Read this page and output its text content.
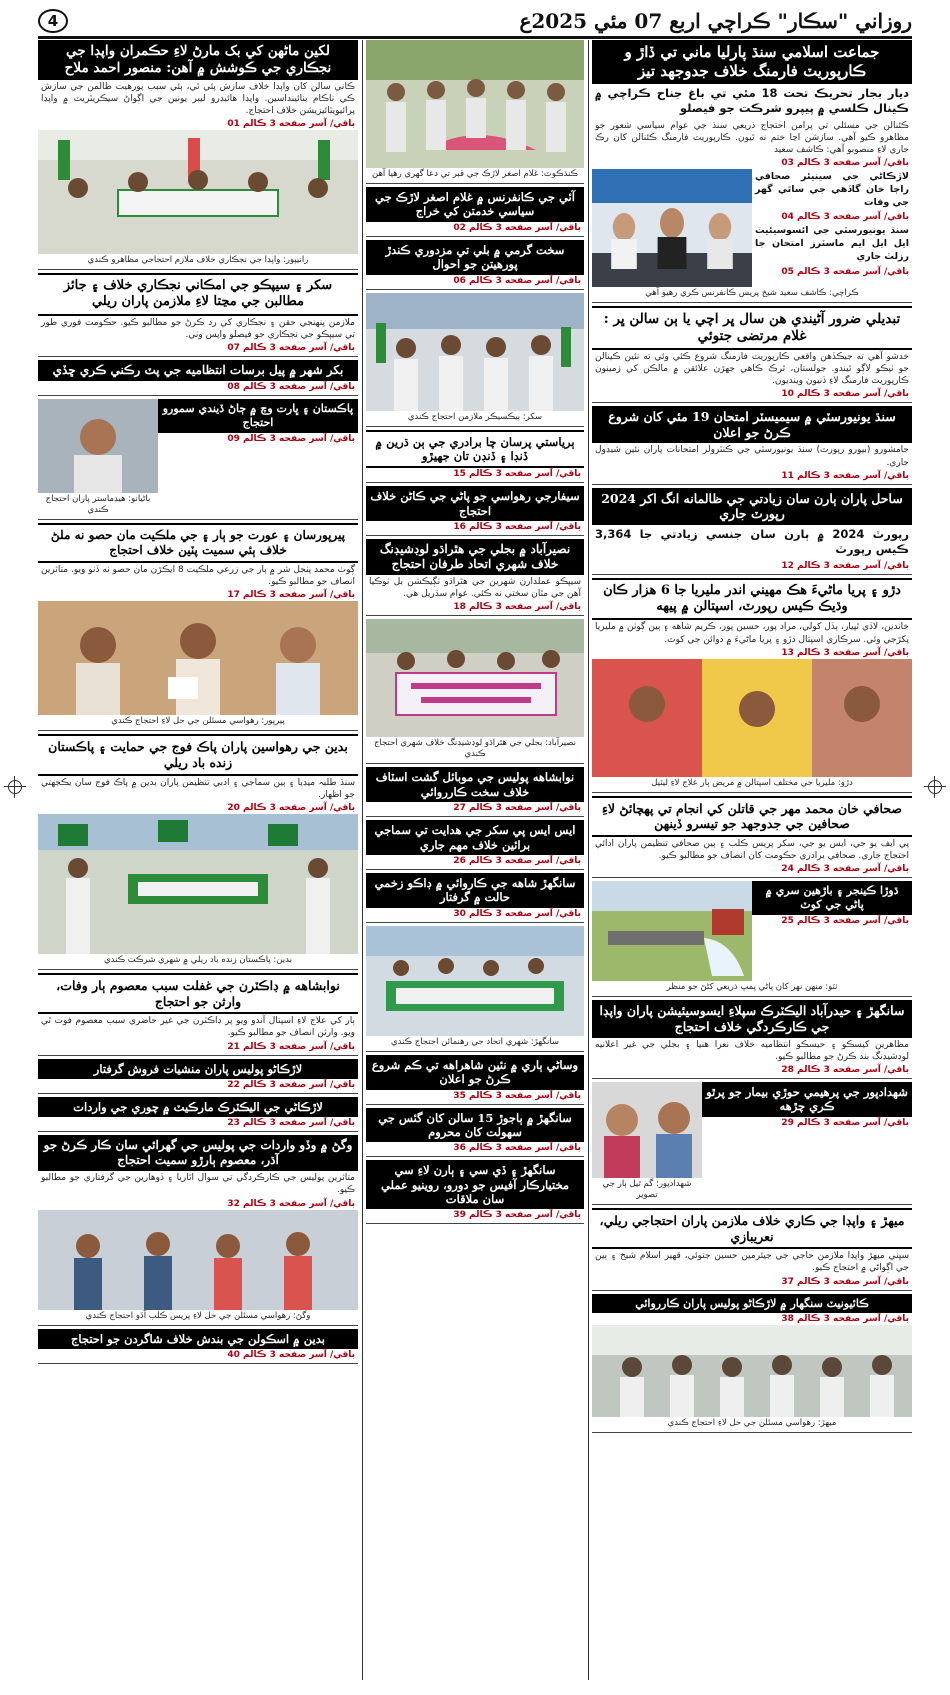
روزاني "سڪار" ڪراچي اربع 07 مئي 2025ع
4
جماعت اسلامي سنڌ پارليا ماني تي ڏاڙ و ڪارپوريٽ فارمنگ خلاف جدوجهد تيز
ديار بجار تحريڪ تحت 18 مئي تي باغ جناح ڪراچي ۾ ڪينال ڪلسي ۾ پيپرو شرڪت جو فيصلو
ڪئنالن جي مسئلي تي پرامن احتجاج ذريعي سنڌ جي عوام سياسي شعور جو مظاهرو ڪيو آهي. سازشن اڃا ختم نه ٿيون. ڪارپوريٽ فارمنگ ڪئنالن کان رڪ جاري لاءِ منصوبو آهي: ڪاشف سعيد
باقي/ آسر صفحه 3 ڪالم 03
لاڙڪاڻي جي سينيئر صحافي راڄا خان گاڏهي جي ساٿي گهر جي وفات
باقي/ آسر صفحه 3 ڪالم 04
سنڌ يونيورسٽي جي ائسوسيئيٽ ايل ايل ايم ماسٽرز امتحان جا رزلٽ جاري
باقي/ آسر صفحه 3 ڪالم 05
ڪراچي: ڪاشف سعيد شيخ پريس ڪانفرنس ڪري رهيو آهي
تبديلي ضرور آڻيندي هن سال ڀر اچي يا ٻن سالن ڀر : غلام مرتضى جتوئي
خدشو آهي ته جيڪڏهن واقعي ڪارپوريٽ فارمنگ شروع ڪئي وئي ته نئين ڪينالن جو ٺيڪو لاڳو ٿيندو. جولستان، ٿرڪ ڪاهي جهڙن علائقن ۾ مالڪن کي زمينون ڪارپوريٽ فارمنگ لاءِ ڏنيون وينديون.
باقي/ آسر صفحه 3 ڪالم 10
سنڌ يونيورسٽي ۾ سيميسٽر امتحان 19 مئي کان شروع ڪرڻ جو اعلان
جامشورو (بيورو رپورٽ) سنڌ يونيورسٽي جي ڪنٽرولر امتحانات پاران نئين شيڊول جاري.
باقي/ آسر صفحه 3 ڪالم 11
ساحل پاران ٻارن سان زيادتي جي ظالمانه انگ اکر 2024 رپورٽ جاري
رپورٽ 2024 ۾ ٻارن سان جنسي زيادتي جا 3,364 ڪيس رپورٽ
باقي/ آسر صفحه 3 ڪالم 12
دڙو ۽ پريا ماڻيءَ هڪ مهيني اندر مليريا جا 6 هزار ڪان وڌيڪ ڪيس رپورٽ، اسپتالن ۾ پيهه
خاندين، لاڏي ٿپيار، ٻڏل کولي، مراد پور، حسين پور، ڪريم شاهه ۽ ٻين ڳوٺن ۾ مليريا پکڙجي وئي. سرڪاري اسپتال دڙو ۽ پريا ماڻيءَ ۾ دوائن جي کوٽ.
باقي/ آسر صفحه 3 ڪالم 13
دڙو: مليريا جي مختلف اسپتالن ۾ مريض ٻار علاج لاءِ ليٽيل
صحافي خان محمد مهر جي قاتلن کي انجام تي پهچائڻ لاءِ صحافين جي جدوجهد جو تيسرو ڏينهن
پي ايف يو جي، ايس يو جي، سکر پريس ڪلب ۽ ٻين صحافي تنظيمن پاران ادائي احتجاج جاري. صحافي برادري حڪومت کان انصاف جو مطالبو ڪيو.
باقي/ آسر صفحه 3 ڪالم 24
ڌوڙا ڪينجر ۽ باڙهين سري ۾ پاڻي جي کوٽ
باقي/ آسر صفحه 3 ڪالم 25
ٺٽو: منهن نهر کان پاڻي پمپ ذريعي کڻڻ جو منظر
سانگهڙ ۽ حيدرآباد اليڪٽرڪ سپلاءِ ايسوسيئيشن پاران واپڊا جي ڪارڪردگي خلاف احتجاج
مظاهرين کيسڪو ۽ حيسڪو انتظاميه خلاف نعرا هنيا ۽ بجلي جي غير اعلانيه لوڊشيڊنگ بند ڪرڻ جو مطالبو ڪيو.
باقي/ آسر صفحه 3 ڪالم 28
شهدادپور جي پرهيمي حوڙي بيمار جو پرٿو ڪري چڙهه
باقي/ آسر صفحه 3 ڪالم 29
شهدادپور: گم ٿيل ٻار جي تصوير
ميهڙ ۽ واپڊا جي ڪاري خلاف ملازمن پاران احتجاجي ريلي، نعريبازي
سڀني ميهڙ واپڊا ملازمن حاجي جي جيئرمين حسين جتوئي، قهير اسلام شيخ ۽ ٻين جي اڳواڻي ۾ احتجاج ڪيو.
باقي/ آسر صفحه 3 ڪالم 37
ڪائيونيٽ سنگهار ۾ لاڙڪاڻو پوليس پاران ڪارروائي
باقي/ آسر صفحه 3 ڪالم 38
ميهڙ: رهواسي مسئلن جي حل لاءِ احتجاج ڪندي
ڪنڌڪوٽ: غلام اصغر لاڙڪ جي قبر تي دعا گهري رهيا آهن
آئي جي ڪانفرنس ۾ غلام اصغر لاڙڪ جي سياسي خدمتن کي خراج
باقي/ آسر صفحه 3 ڪالم 02
سخت گرمي ۾ بلي تي مزدوري ڪندڙ پورهيتن جو احوال
باقي/ آسر صفحه 3 ڪالم 06
سکر: ٻيڪسيڪر ملازمن احتجاج ڪندي
ٻرياستي پرسان چا برادري جي ٻن ڌرين ۾ ڏنڊا ۽ ڏنڊن تان جهيڙو
باقي/ آسر صفحه 3 ڪالم 15
سيفارجي رهواسي جو پاڻي جي ڪاڻن خلاف احتجاج
باقي/ آسر صفحه 3 ڪالم 16
نصيرآباد ۾ بجلي جي هٿراڌو لوڊشيڊنگ خلاف شهري اتحاد طرفان احتجاج
سيپڪو عملدارن شهرين جي هٿراڌو ٺڳيڪشن بل ٺوڪيا آهن جي مٿان سختي نه ڪئي. عوام سڌريل هي.
باقي/ آسر صفحه 3 ڪالم 18
نصيرآباد: بجلي جي هٿراڌو لوڊشيڊنگ خلاف شهري احتجاج ڪندي
نوابشاهه پوليس جي موبائل گشت اسٽاف خلاف سخت ڪارروائي
باقي/ آسر صفحه 3 ڪالم 27
ايس ايس پي سکر جي هدايت تي سماجي برائين خلاف مهم جاري
باقي/ آسر صفحه 3 ڪالم 26
سانگهڙ شاهه جي ڪاروائي ۾ ڊاڪو زخمي حالت ۾ گرفتار
باقي/ آسر صفحه 3 ڪالم 30
سانگهڙ: شهري اتحاد جي رهنمائن احتجاج ڪندي
وساڻي ٻاري ۾ نئين شاهراهه تي ڪم شروع ڪرڻ جو اعلان
باقي/ آسر صفحه 3 ڪالم 35
سانگهڙ ۾ ٻاجوڙ 15 سالن کان گئس جي سهولت کان محروم
باقي/ آسر صفحه 3 ڪالم 36
سانگهڙ ۽ ڏي سي ۽ ٻارن لاءِ سي مختيارڪار آفيس جو دورو، روينيو عملي سان ملاقات
باقي/ آسر صفحه 3 ڪالم 39
لکين ماڻهن کي بک مارڻ لاءِ حڪمران واپڊا جي نجڪاري جي ڪوشش ۾ آهن: منصور احمد ملاح
ڪاني سالن کان واپڊا خلاف سازش پئي ٿي، ٻئي سبب پورهيت ظالمن جي سازش ڪي ناڪام بنائينداسين. واپڊا هائيڊرو ليبر يونين جي اڳواڻ سيڪريٽريٽ ۾ واپڊا پرائيويٽائيزيشن خلاف احتجاج.
باقي/ آسر صفحه 3 ڪالم 01
رانيپور: واپڊا جي نجڪاري خلاف ملازم احتجاجي مظاهرو ڪندي
سکر ۽ سيپڪو جي امڪاني نجڪاري خلاف ۽ جائز مطالبن جي مڃتا لاءِ ملازمن پاران ريلي
ملازمن پنهنجي حقن ۽ نجڪاري کي رد ڪرڻ جو مطالبو ڪيو. حڪومت فوري طور تي سيپڪو جي نجڪاري جو فيصلو واپس وٺي.
باقي/ آسر صفحه 3 ڪالم 07
بکر شهر ۾ پيل برسات انتظاميه جي پٽ رڪني ڪري ڇڏي
باقي/ آسر صفحه 3 ڪالم 08
پاڪستان ۽ ڀارت وچ ۾ ڄاڻ ڏيندي سمورو احتجاج
باقي/ آسر صفحه 3 ڪالم 09
باڻيانو: هيڊماستر پاران احتجاج ڪندي
پيرپورسان ۽ عورت جو ٻار ۽ جي ملڪيت مان حصو نه ملڻ خلاف ٻئي سميت پٽين خلاف احتجاج
ڳوٺ محمد پنجل شر ۾ ٻار جي زرعي ملڪيت 8 ايڪڙن مان حصو نه ڏنو ويو. متاثرين انصاف جو مطالبو ڪيو.
باقي/ آسر صفحه 3 ڪالم 17
پيرپور: رهواسي مسئلن جي حل لاءِ احتجاج ڪندي
بدين جي رهواسين پاران پاڪ فوج جي حمايت ۽ پاڪستان زنده باد ريلي
سنڌ طلبہ ميڊيا ۽ ٻين سماجي ۽ ادبي تنظيمن پاران بدين ۾ پاڪ فوج سان يڪجهتي جو اظهار.
باقي/ آسر صفحه 3 ڪالم 20
بدين: پاڪستان زنده باد ريلي ۾ شهري شرڪت ڪندي
نوابشاهه ۾ ڊاڪٽرن جي غفلت سبب معصوم ٻار وفات، وارثن جو احتجاج
ٻار کي علاج لاءِ اسپتال آندو ويو پر ڊاڪٽرن جي غير حاضري سبب معصوم فوت ٿي ويو. وارثن انصاف جو مطالبو ڪيو.
باقي/ آسر صفحه 3 ڪالم 21
لاڙڪاڻو پوليس پاران منشيات فروش گرفتار
باقي/ آسر صفحه 3 ڪالم 22
لاڙڪاڻي جي اليڪٽرڪ مارڪيٽ ۾ چوري جي واردات
باقي/ آسر صفحه 3 ڪالم 23
وگڻ ۾ وڏو واردات جي پوليس جي گهرائي سان ڪار ڪرڻ جو آڌر، معصوم ٻارڙو سميت احتجاج
متاثرين پوليس جي ڪارڪردگي تي سوال اٿاريا ۽ ڏوهارين جي گرفتاري جو مطالبو ڪيو.
باقي/ آسر صفحه 3 ڪالم 32
وگڻ: رهواسي مسئلن جي حل لاءِ پريس ڪلب آڏو احتجاج ڪندي
بدين ۾ اسڪولن جي بندش خلاف شاگردن جو احتجاج
باقي/ آسر صفحه 3 ڪالم 40
